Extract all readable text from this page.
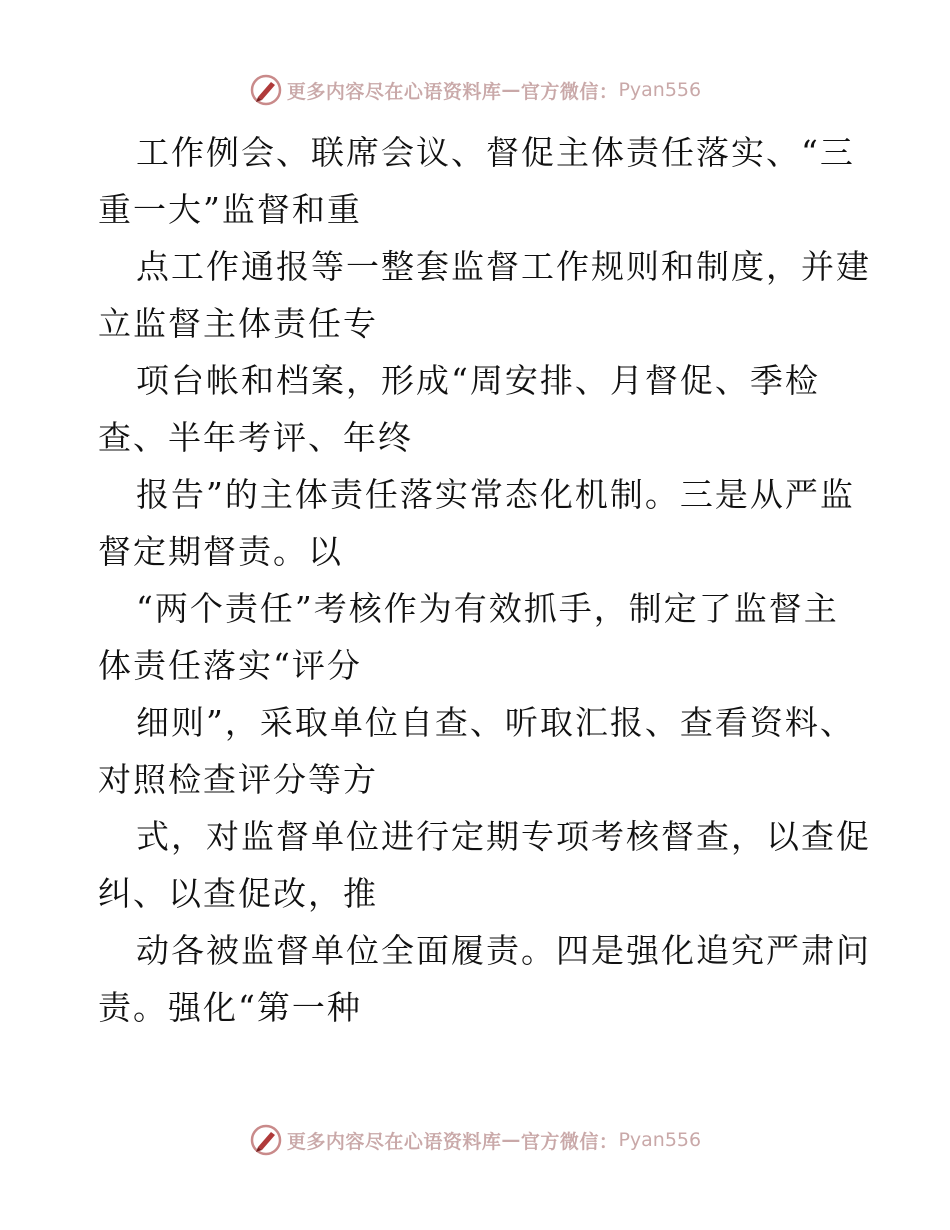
更多内容尽在心语资料库 — 官方微信： Pyan556
工作例会、联席会议、督促主体责任落实、“三
重一大”监督和重
点工作通报等一整套监督工作规则和制度，并建
立监督主体责任专
项台帐和档案，形成“周安排、月督促、季检
查、半年考评、年终
报告”的主体责任落实常态化机制。三是从严监
督定期督责。以
“两个责任”考核作为有效抓手，制定了监督主
体责任落实“评分
细则”，采取单位自查、听取汇报、查看资料、
对照检查评分等方
式，对监督单位进行定期专项考核督查，以查促
纠、以查促改，推
动各被监督单位全面履责。四是强化追究严肃问
责。强化“第一种
更多内容尽在心语资料库 — 官方微信： Pyan556
